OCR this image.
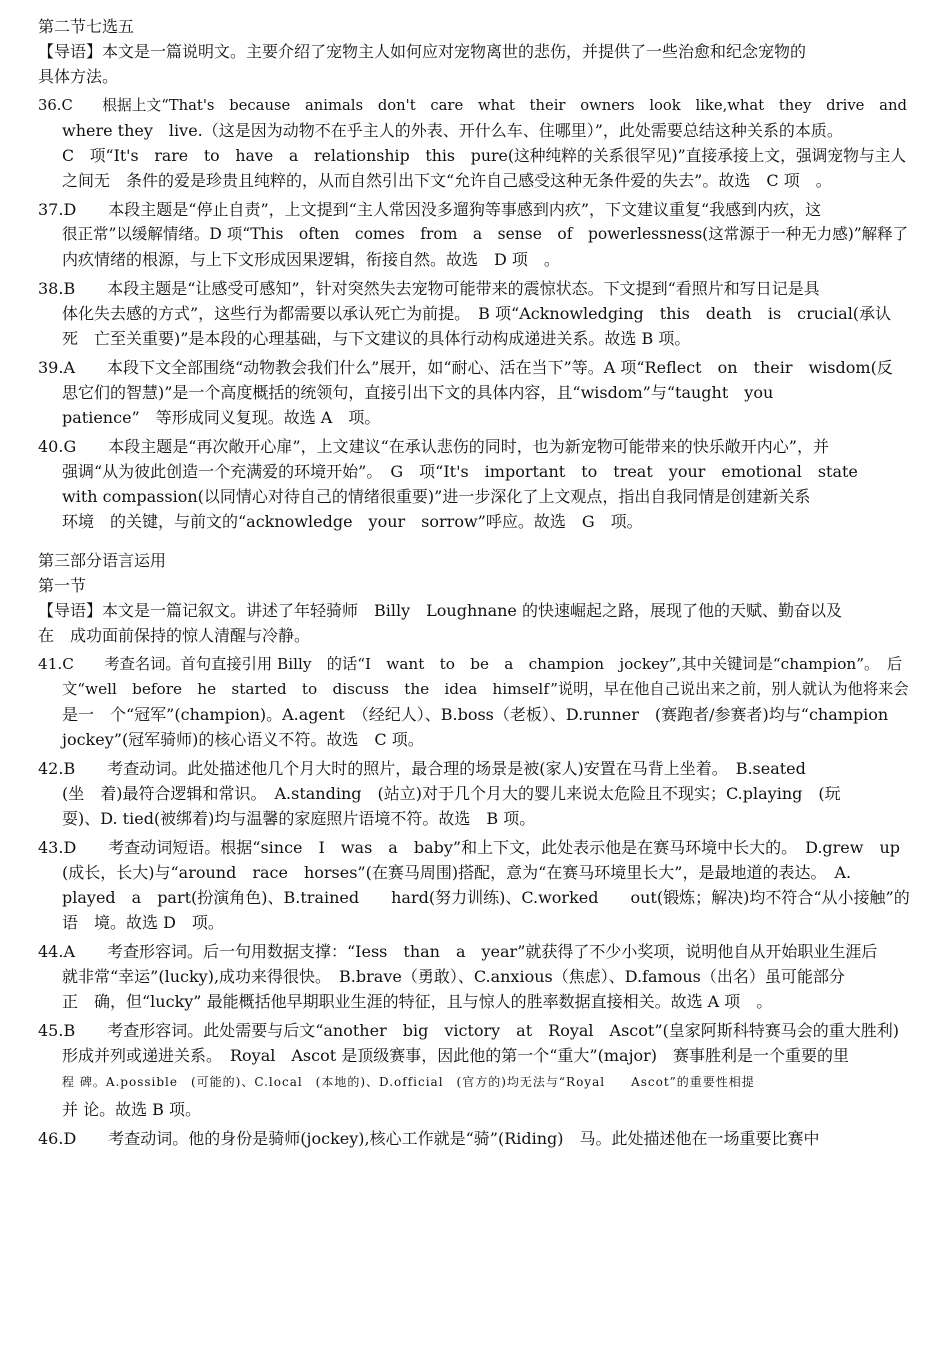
第二节七选五
【导语】本文是一篇说明文。主要介绍了宠物主人如何应对宠物离世的悲伤，并提供了一些治愈和纪念宠物的
具体方法。
36.C　　根据上文“That's　because　animals　don't　care　what　their　owners　look　like,what　they　drive　and
where they　live.（这是因为动物不在乎主人的外表、开什么车、住哪里）”，此处需要总结这种关系的本质。
C　项“It's　rare　to　have　a　relationship　this　pure(这种纯粹的关系很罕见)”直接承接上文，强调宠物与主人
之间无　条件的爱是珍贵且纯粹的，从而自然引出下文“允许自己感受这种无条件爱的失去”。故选　C 项　。
37.D　　本段主题是“停止自责”，上文提到“主人常因没多遛狗等事感到内疚”，下文建议重复“我感到内疚，这
很正常”以缓解情绪。D 项“This　often　comes　from　a　sense　of　powerlessness(这常源于一种无力感)”解释了
内疚情绪的根源，与上下文形成因果逻辑，衔接自然。故选　D 项　。
38.B　　本段主题是“让感受可感知”，针对突然失去宠物可能带来的震惊状态。下文提到“看照片和写日记是具
体化失去感的方式”，这些行为都需要以承认死亡为前提。　B 项“Acknowledging　this　death　is　crucial(承认
死　亡至关重要)”是本段的心理基础，与下文建议的具体行动构成递进关系。故选 B 项。
39.A　　本段下文全部围绕“动物教会我们什么”展开，如“耐心、活在当下”等。A 项“Reflect　on　their　wisdom(反
思它们的智慧)”是一个高度概括的统领句，直接引出下文的具体内容，且“wisdom”与“taught　you
patience”　等形成同义复现。故选 A　项。
40.G　　本段主题是“再次敞开心扉”，上文建议“在承认悲伤的同时，也为新宠物可能带来的快乐敞开内心”，并
强调“从为彼此创造一个充满爱的环境开始”。　G　项“It's　important　to　treat　your　emotional　state
with compassion(以同情心对待自己的情绪很重要)”进一步深化了上文观点，指出自我同情是创建新关系
环境　的关键，与前文的“acknowledge　your　sorrow”呼应。故选　G　项。
第三部分语言运用
第一节
【导语】本文是一篇记叙文。讲述了年轻骑师　Billy　Loughnane 的快速崛起之路，展现了他的天赋、勤奋以及
在　成功面前保持的惊人清醒与冷静。
41.C　　考查名词。首句直接引用 Billy　的话“I　want　to　be　a　champion　jockey”,其中关键词是“champion”。　后
文“well　before　he　started　to　discuss　the　idea　himself”说明，早在他自己说出来之前，别人就认为他将来会
是一　个“冠军”(champion)。A.agent　（经纪人）、B.boss（老板）、D.runner　(赛跑者/参赛者)均与“champion
jockey”(冠军骑师)的核心语义不符。故选　C 项。
42.B　　考查动词。此处描述他几个月大时的照片，最合理的场景是被(家人)安置在马背上坐着。　B.seated
(坐　着)最符合逻辑和常识。　A.standing　(站立)对于几个月大的婴儿来说太危险且不现实；C.playing　(玩
耍)、D. tied(被绑着)均与温馨的家庭照片语境不符。故选　B 项。
43.D　　考查动词短语。根据“since　I　was　a　baby”和上下文，此处表示他是在赛马环境中长大的。　D.grew　up
(成长，长大)与“around　race　horses”(在赛马周围)搭配，意为“在赛马环境里长大”，是最地道的表达。　A.
played　a　part(扮演角色)、B.trained　　hard(努力训练)、C.worked　　out(锻炼；解决)均不符合“从小接触”的
语　境。故选 D　项。
44.A　　考查形容词。后一句用数据支撑：“Iess　than　a　year”就获得了不少小奖项，说明他自从开始职业生涯后
就非常“幸运”(lucky),成功来得很快。　B.brave（勇敢）、C.anxious（焦虑）、D.famous（出名）虽可能部分
正　确，但“lucky” 最能概括他早期职业生涯的特征，且与惊人的胜率数据直接相关。故选 A 项　。
45.B　　考查形容词。此处需要与后文“another　big　victory　at　Royal　Ascot”(皇家阿斯科特赛马会的重大胜利)
形成并列或递进关系。　Royal　Ascot 是顶级赛事，因此他的第一个“重大”(major)　赛事胜利是一个重要的里
程 碑。A.possible　(可能的)、C.local　(本地的)、D.official　(官方的)均无法与“Royal　　Ascot”的重要性相提
并 论。故选 B 项。
46.D　　考查动词。他的身份是骑师(jockey),核心工作就是“骑”(Riding)　马。此处描述他在一场重要比赛中
